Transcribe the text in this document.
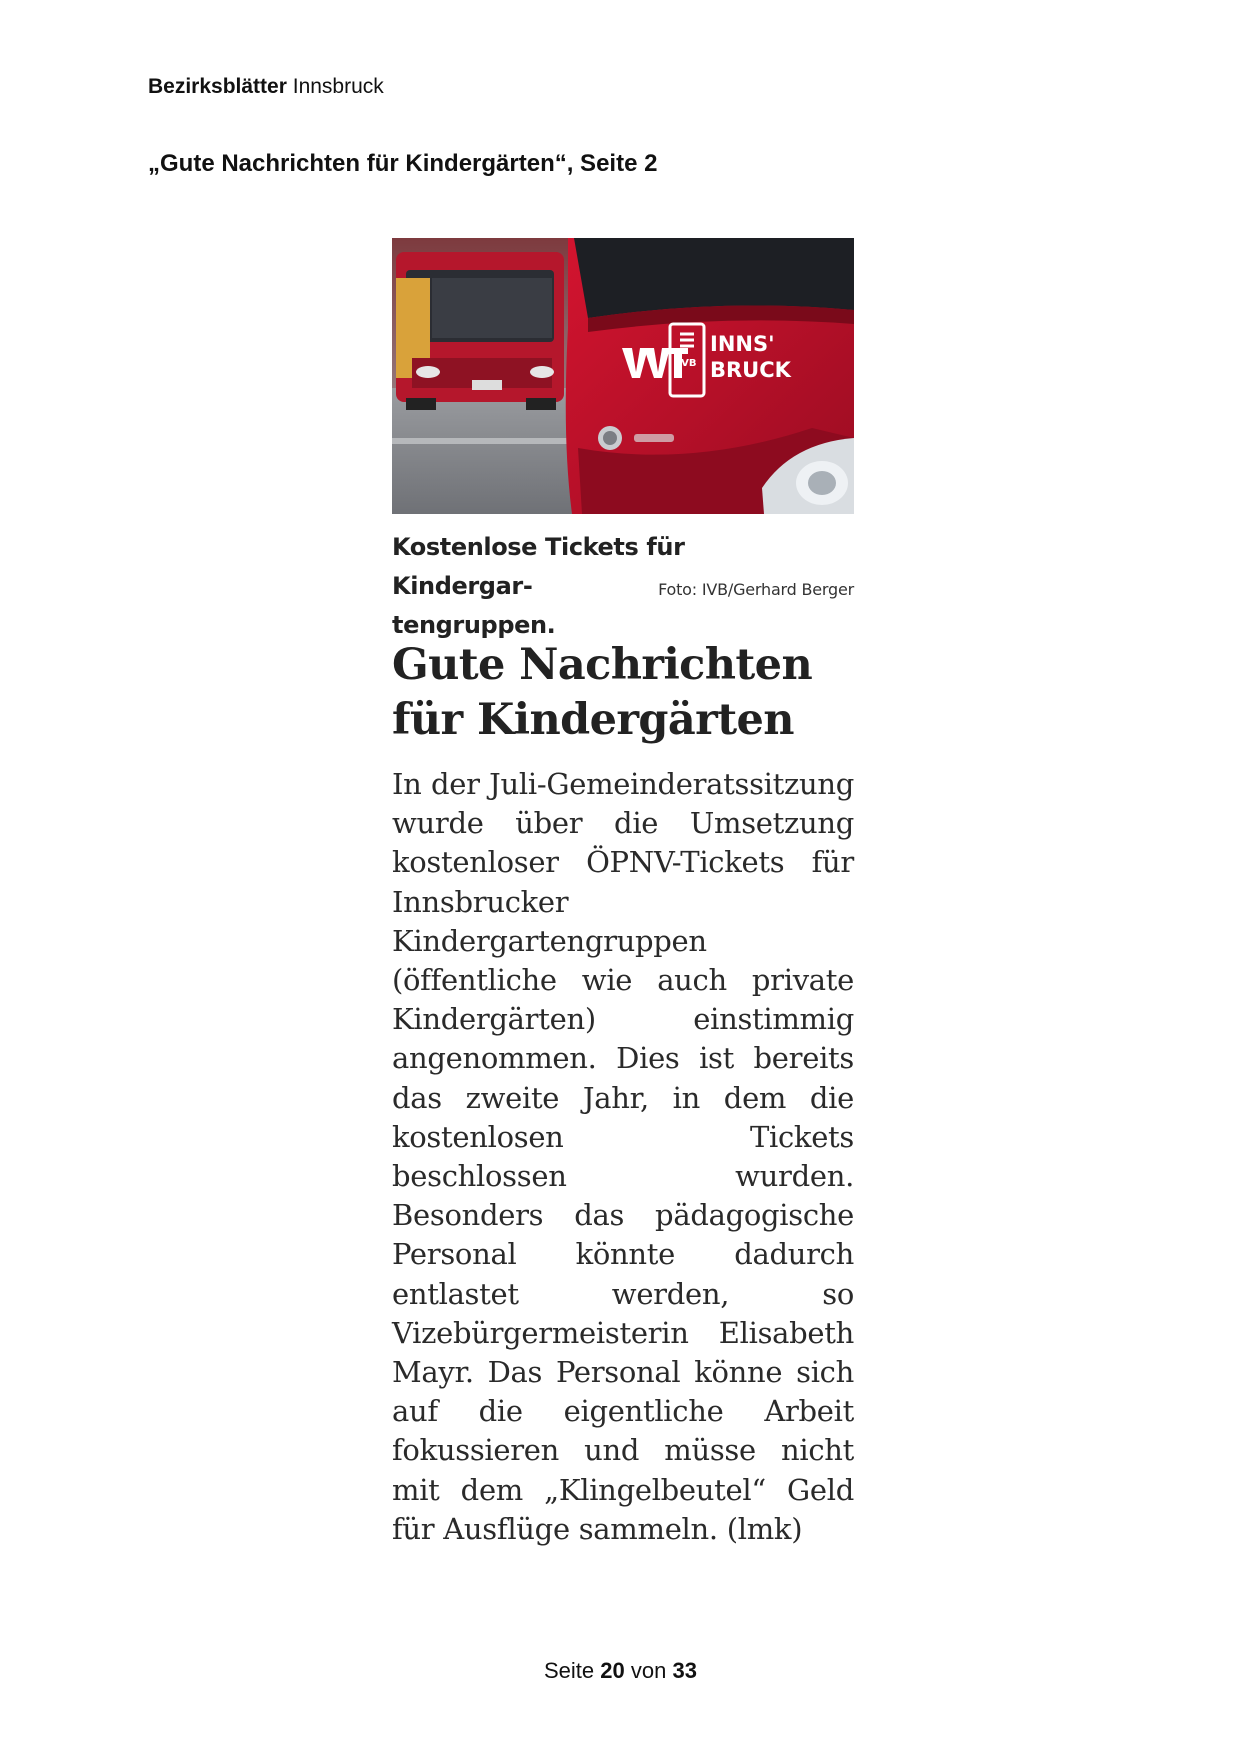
Bezirksblätter Innsbruck
„Gute Nachrichten für Kindergärten“, Seite 2
IVB
INNS'
BRUCK
Kostenlose Tickets für Kindergar-
tengruppen.
Foto: IVB/Gerhard Berger
Gute Nachrichten
für Kindergärten
In der Juli-Gemeinderatssitzung wurde über die Umsetzung kostenloser ÖPNV-Tickets für Innsbrucker Kindergartengruppen (öffentliche wie auch private Kindergärten) einstimmig angenommen. Dies ist bereits das zweite Jahr, in dem die kostenlosen Tickets beschlossen wurden. Besonders das pädagogische Personal könnte dadurch entlastet werden, so Vizebürgermeisterin Elisabeth Mayr. Das Personal könne sich auf die eigentliche Arbeit fokussieren und müsse nicht mit dem „Klingelbeutel“ Geld für Ausflüge sammeln. (lmk)
Seite 20 von 33
